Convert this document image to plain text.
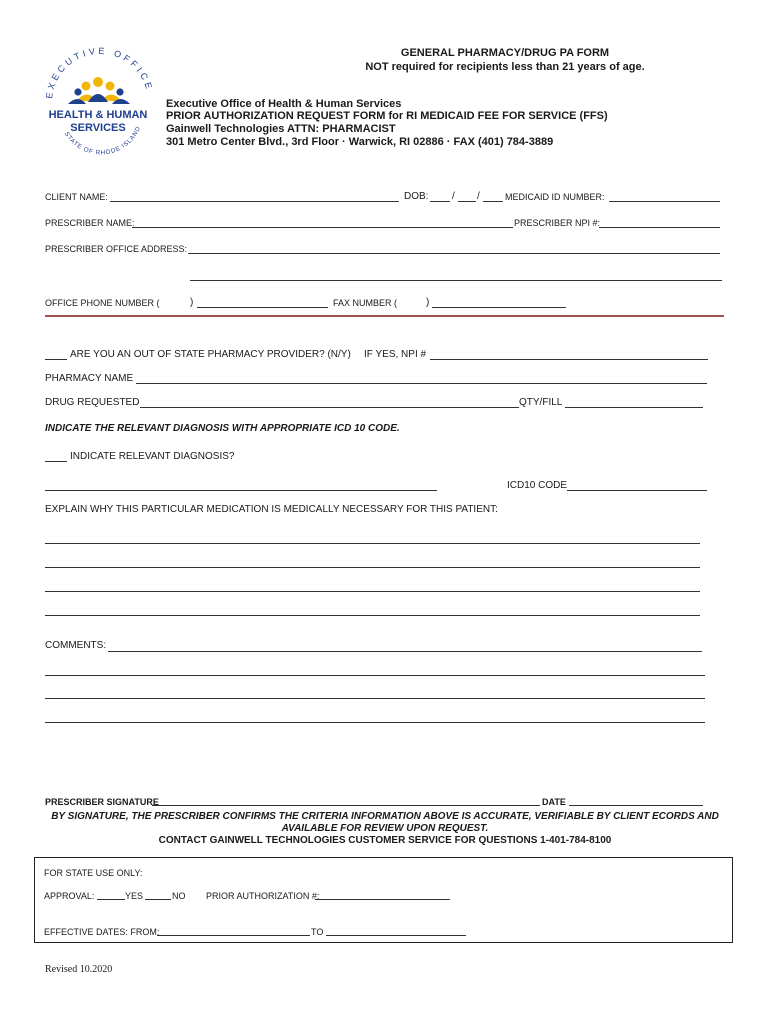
EXECUTIVE OFFICE
STATE OF RHODE ISLAND
HEALTH & HUMAN
SERVICES
GENERAL PHARMACY/DRUG PA FORM
NOT required for recipients less than 21 years of age.
Executive Office of Health & Human Services
PRIOR AUTHORIZATION REQUEST FORM for RI MEDICAID FEE FOR SERVICE (FFS)
Gainwell Technologies ATTN: PHARMACIST
301 Metro Center Blvd., 3rd Floor · Warwick, RI 02886 · FAX (401) 784-3889
CLIENT NAME:	DOB: / /	MEDICAID ID NUMBER:
PRESCRIBER NAME:	PRESCRIBER NPI #:
PRESCRIBER OFFICE ADDRESS:
OFFICE PHONE NUMBER (	)	FAX NUMBER (	)
ARE YOU AN OUT OF STATE PHARMACY PROVIDER? (N/Y) IF YES, NPI #
PHARMACY NAME
DRUG REQUESTED	QTY/FILL
INDICATE THE RELEVANT DIAGNOSIS WITH APPROPRIATE ICD 10 CODE.
INDICATE RELEVANT DIAGNOSIS?
ICD10 CODE
EXPLAIN WHY THIS PARTICULAR MEDICATION IS MEDICALLY NECESSARY FOR THIS PATIENT:
COMMENTS:
PRESCRIBER SIGNATURE	DATE
BY SIGNATURE, THE PRESCRIBER CONFIRMS THE CRITERIA INFORMATION ABOVE IS ACCURATE, VERIFIABLE BY CLIENT ECORDS AND
AVAILABLE FOR REVIEW UPON REQUEST.
CONTACT GAINWELL TECHNOLOGIES CUSTOMER SERVICE FOR QUESTIONS 1-401-784-8100
FOR STATE USE ONLY:
APPROVAL:	YES	NO PRIOR AUTHORIZATION #:
EFFECTIVE DATES: FROM:	TO
Revised 10.2020
